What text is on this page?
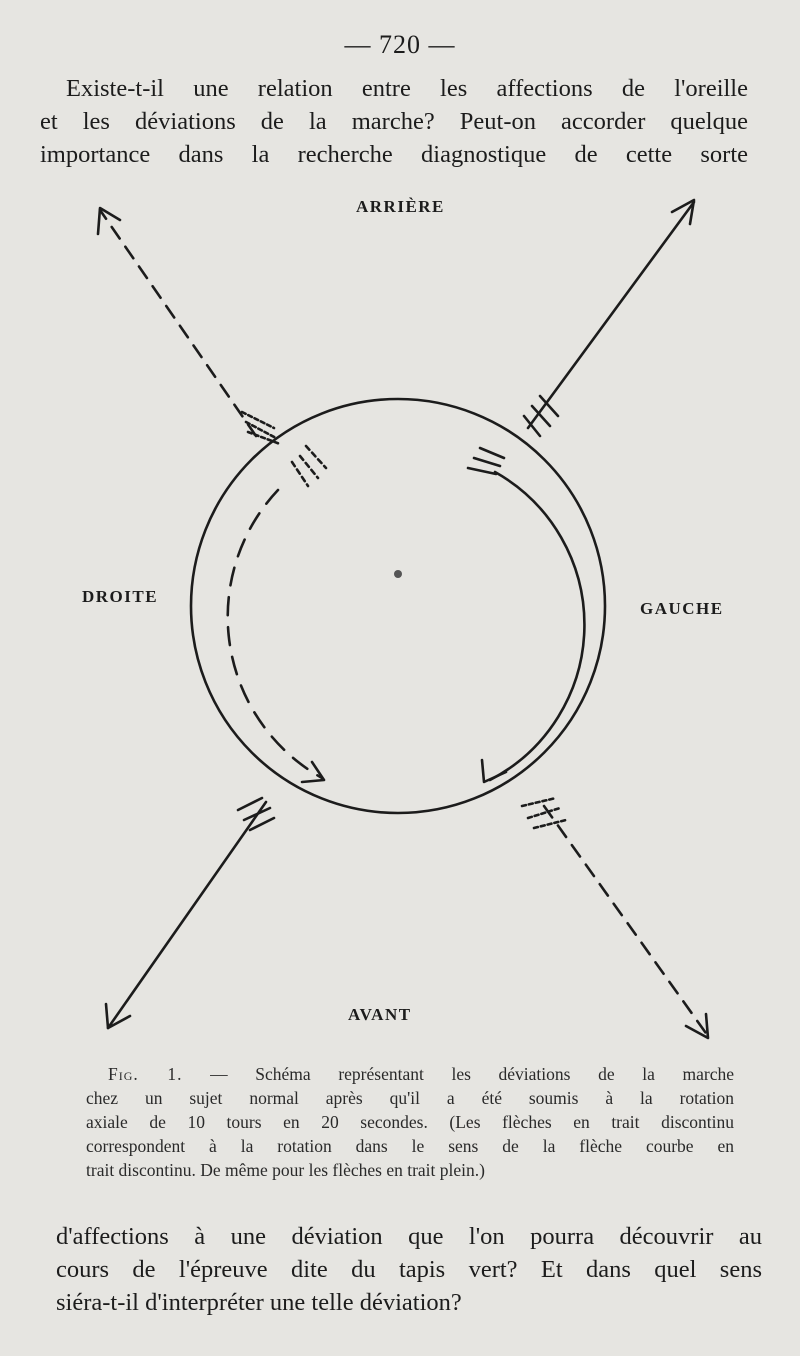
— 720 —

Existe-t-il une relation entre les affections de l'oreille
et les déviations de la marche? Peut-on accorder quelque
importance dans la recherche diagnostique de cette sorte

ARRIÈRE
DROITE
GAUCHE
AVANT
Fig. 1. — Schéma représentant les déviations de la marche
chez un sujet normal après qu'il a été soumis à la rotation
axiale de 10 tours en 20 secondes. (Les flèches en trait discontinu
correspondent à la rotation dans le sens de la flèche courbe en
trait discontinu. De même pour les flèches en trait plein.)

d'affections à une déviation que l'on pourra découvrir au
cours de l'épreuve dite du tapis vert? Et dans quel sens
siéra-t-il d'interpréter une telle déviation?
